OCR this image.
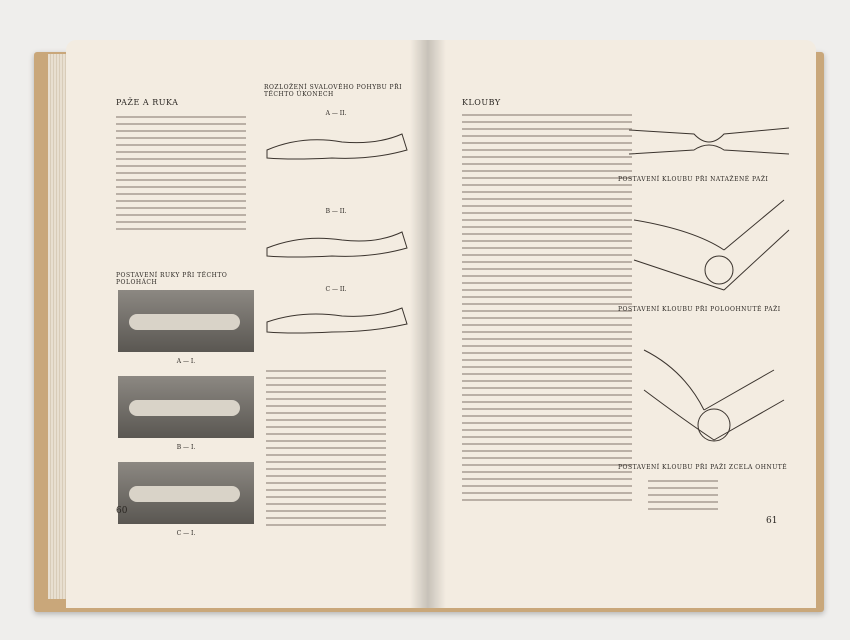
PAŽE A RUKA
ROZLOŽENÍ SVALOVÉHO POHYBU PŘI TĚCHTO ÚKONECH
A — II.
B — II.
C — II.
POSTAVENÍ RUKY PŘI TĚCHTO POLOHÁCH
A — I.
B — I.
C — I.
60
KLOUBY
POSTAVENÍ KLOUBU PŘI NATAŽENÉ PAŽI
POSTAVENÍ KLOUBU PŘI POLOOHNUTÉ PAŽI
POSTAVENÍ KLOUBU PŘI PAŽI ZCELA OHNUTÉ
61
